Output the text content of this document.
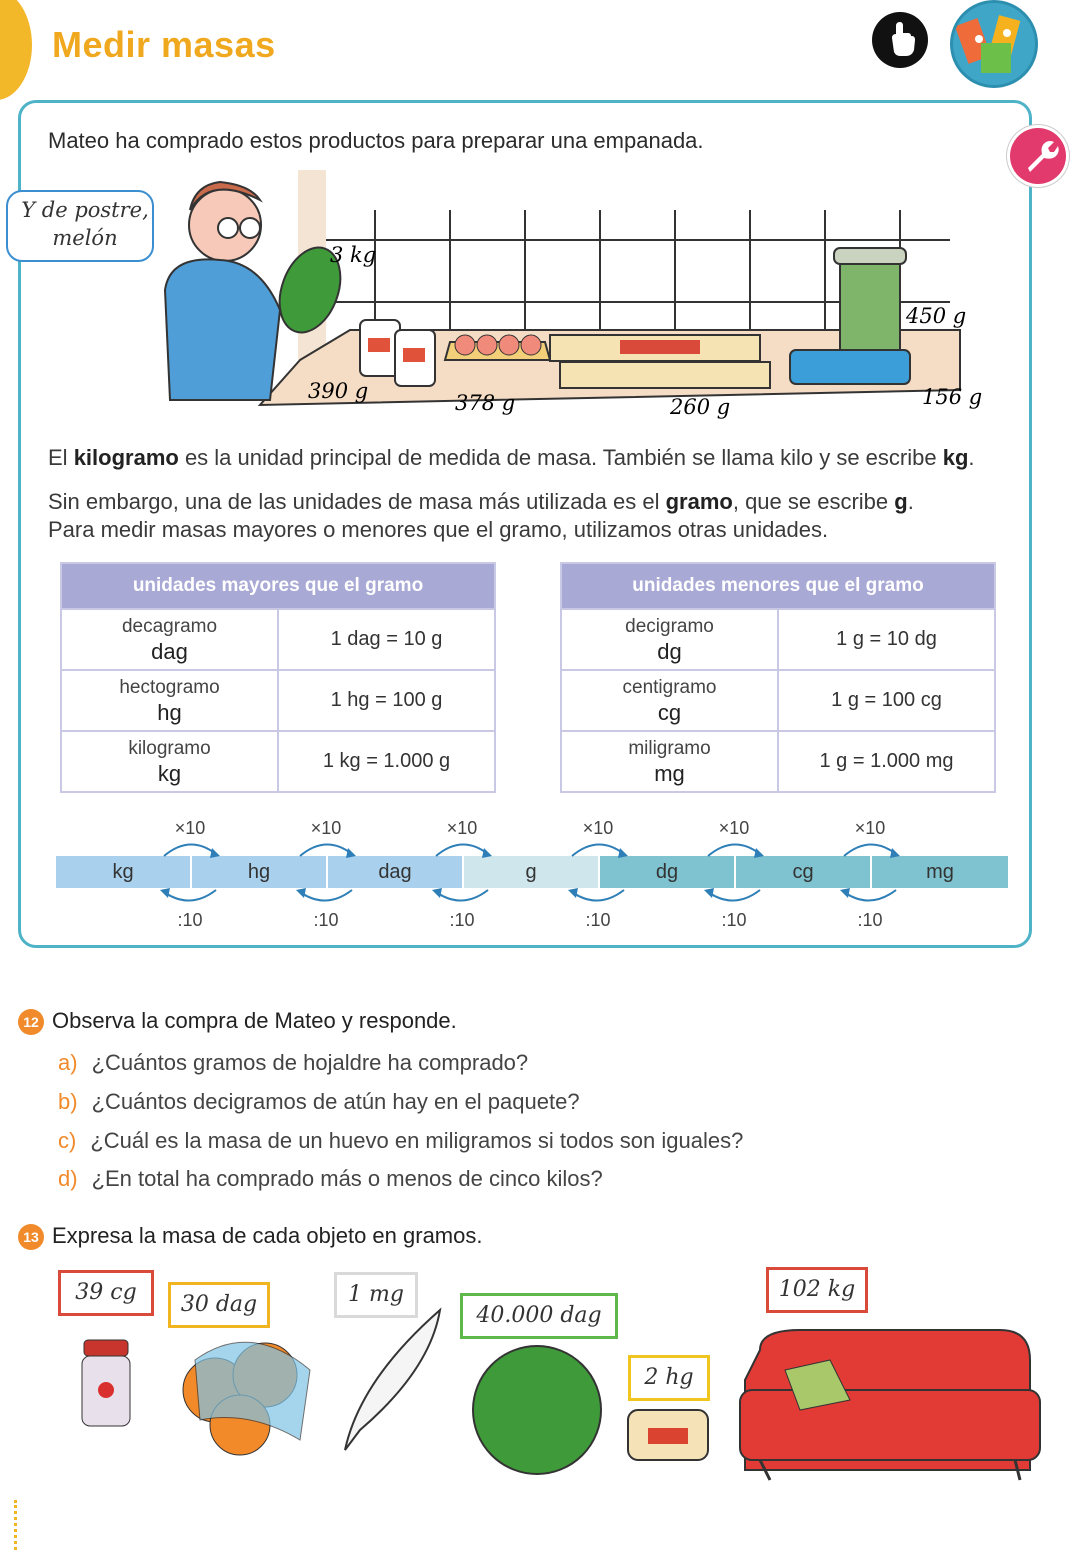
Medir masas
Mateo ha comprado estos productos para preparar una empanada.
3 kg
390 g	378 g	260 g
450 g
156 g
Y de postre, melón
El kilogramo es la unidad principal de medida de masa. También se llama kilo y se escribe kg.
Sin embargo, una de las unidades de masa más utilizada es el gramo, que se escribe g.
Para medir masas mayores o menores que el gramo, utilizamos otras unidades.
unidades mayores que el gramo	

decagramo
dag	1 dag = 10 g

hectogramo
hg	1 hg = 100 g

kilogramo
kg	1 kg = 1.000 g
unidades menores que el gramo	

decigramo
dg	1 g = 10 dg

centigramo
cg	1 g = 100 cg

miligramo
mg	1 g = 1.000 mg
kg	hg	dag	g	dg	cg	mg
12 Observa la compra de Mateo y responde.
a) ¿Cuántos gramos de hojaldre ha comprado?
b) ¿Cuántos decigramos de atún hay en el paquete?
c) ¿Cuál es la masa de un huevo en miligramos si todos son iguales?
d) ¿En total ha comprado más o menos de cinco kilos?
13 Expresa la masa de cada objeto en gramos.
39 cg	30 dag	1 mg
40.000 dag
2 hg
102 kg
×10
:10
×10
:10
×10
:10
×10
:10
×10
:10
×10
:10
